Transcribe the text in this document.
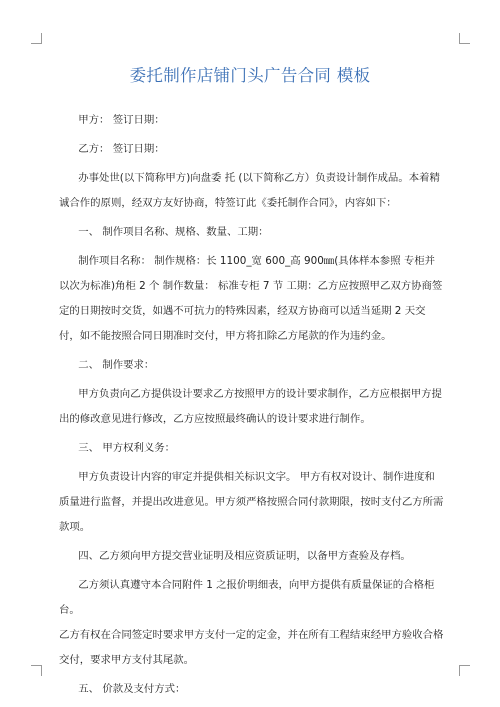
委托制作店铺门头广告合同 模板

甲方： 签订日期：

乙方： 签订日期：

办事处世(以下简称甲方)向盘委 托 (以下简称乙方）负责设计制作成品。本着精诚合作的原则，经双方友好协商，特签订此《委托制作合同》，内容如下：

一、 制作项目名称、规格、数量、工期：

制作项目名称： 制作规格：长 1100_宽 600_高 900㎜(具体样本参照 专柜并以次为标准)角柜 2 个 制作数量： 标准专柜 7 节 工期：乙方应按照甲乙双方协商签定的日期按时交货，如遇不可抗力的特殊因素，经双方协商可以适当延期 2 天交付，如不能按照合同日期准时交付，甲方将扣除乙方尾款的作为违约金。

二、 制作要求：

甲方负责向乙方提供设计要求乙方按照甲方的设计要求制作，乙方应根据甲方提出的修改意见进行修改，乙方应按照最终确认的设计要求进行制作。

三、 甲方权利义务：

甲方负责设计内容的审定并提供相关标识文字。 甲方有权对设计、制作进度和质量进行监督，并提出改进意见。甲方须严格按照合同付款期限，按时支付乙方所需款项。

四、乙方须向甲方提交营业证明及相应资质证明，以备甲方查验及存档。

乙方须认真遵守本合同附件 1 之报价明细表，向甲方提供有质量保证的合格柜台。

乙方有权在合同签定时要求甲方支付一定的定金，并在所有工程结束经甲方验收合格交付，要求甲方支付其尾款。

五、 价款及支付方式：
